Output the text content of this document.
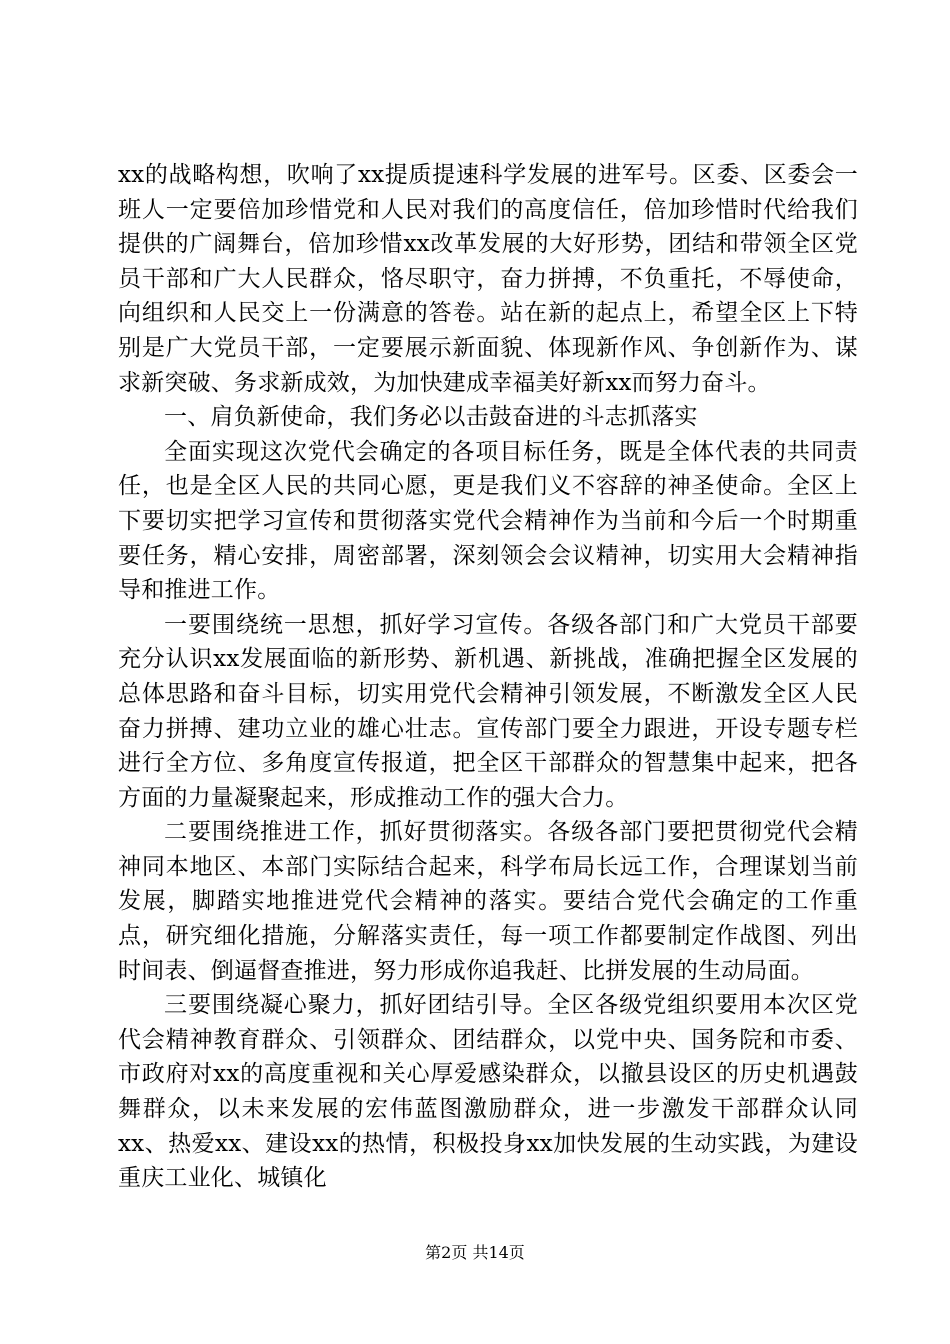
xx的战略构想，吹响了xx提质提速科学发展的进军号。区委、区委会一班人一定要倍加珍惜党和人民对我们的高度信任，倍加珍惜时代给我们提供的广阔舞台，倍加珍惜xx改革发展的大好形势，团结和带领全区党员干部和广大人民群众，恪尽职守，奋力拼搏，不负重托，不辱使命，向组织和人民交上一份满意的答卷。站在新的起点上，希望全区上下特别是广大党员干部，一定要展示新面貌、体现新作风、争创新作为、谋求新突破、务求新成效，为加快建成幸福美好新xx而努力奋斗。

一、肩负新使命，我们务必以击鼓奋进的斗志抓落实

全面实现这次党代会确定的各项目标任务，既是全体代表的共同责任，也是全区人民的共同心愿，更是我们义不容辞的神圣使命。全区上下要切实把学习宣传和贯彻落实党代会精神作为当前和今后一个时期重要任务，精心安排，周密部署，深刻领会会议精神，切实用大会精神指导和推进工作。

一要围绕统一思想，抓好学习宣传。各级各部门和广大党员干部要充分认识xx发展面临的新形势、新机遇、新挑战，准确把握全区发展的总体思路和奋斗目标，切实用党代会精神引领发展，不断激发全区人民奋力拼搏、建功立业的雄心壮志。宣传部门要全力跟进，开设专题专栏进行全方位、多角度宣传报道，把全区干部群众的智慧集中起来，把各方面的力量凝聚起来，形成推动工作的强大合力。

二要围绕推进工作，抓好贯彻落实。各级各部门要把贯彻党代会精神同本地区、本部门实际结合起来，科学布局长远工作，合理谋划当前发展，脚踏实地推进党代会精神的落实。要结合党代会确定的工作重点，研究细化措施，分解落实责任，每一项工作都要制定作战图、列出时间表、倒逼督查推进，努力形成你追我赶、比拼发展的生动局面。

三要围绕凝心聚力，抓好团结引导。全区各级党组织要用本次区党代会精神教育群众、引领群众、团结群众，以党中央、国务院和市委、市政府对xx的高度重视和关心厚爱感染群众，以撤县设区的历史机遇鼓舞群众，以未来发展的宏伟蓝图激励群众，进一步激发干部群众认同xx、热爱xx、建设xx的热情，积极投身xx加快发展的生动实践，为建设重庆工业化、城镇化

第2页 共14页
